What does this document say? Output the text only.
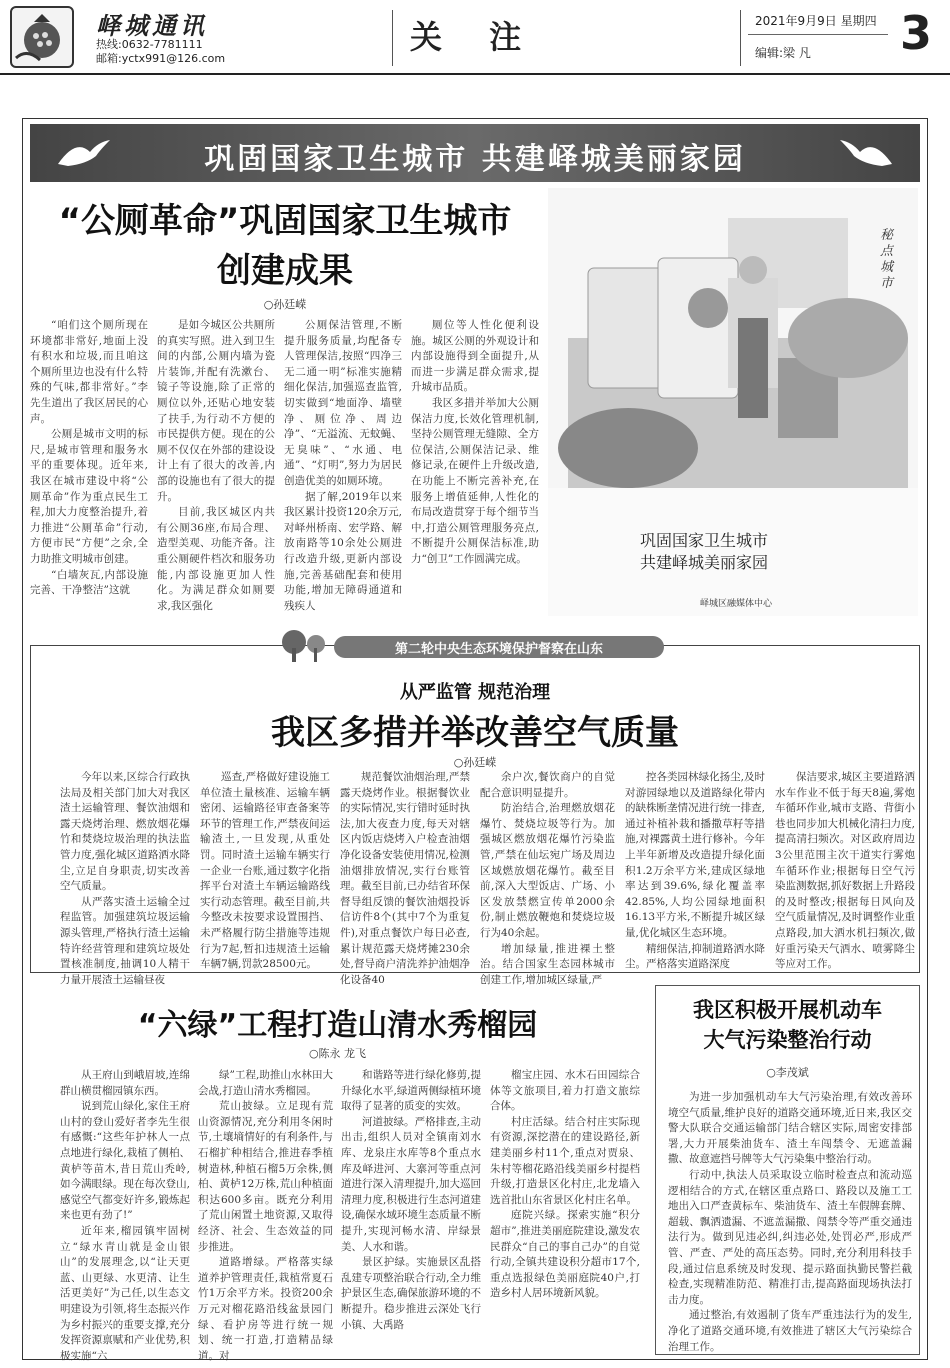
峄城通讯
热线:0632-7781111
邮箱:yctx991@126.com
关 注	2021年9月9日 星期四
编辑:梁 凡 3
巩固国家卫生城市 共建峄城美丽家园
“公厕革命”巩固国家卫生城市
创建成果
○孙廷嵘

“咱们这个厕所现在环境都非常好,地面上没有积水和垃圾,而且咱这个厕所里边也没有什么特殊的气味,都非常好。”李先生道出了我区居民的心声。

公厕是城市文明的标尺,是城市管理和服务水平的重要体现。近年来,我区在城市建设中将“公厕革命”作为重点民生工程,加大力度整治提升,着力推进“公厕革命”行动,方便市民“方便”之余,全力助推文明城市创建。

“白墙灰瓦,内部设施完善、干净整洁”这就

是如今城区公共厕所的真实写照。进入到卫生间的内部,公厕内墙为瓷片装饰,并配有洗漱台、镜子等设施,除了正常的厕位以外,还贴心地安装了扶手,为行动不方便的市民提供方便。现在的公厕不仅仅在外部的建设设计上有了很大的改善,内部的设施也有了很大的提升。

目前,我区城区内共有公厕36座,布局合理、造型美观、功能齐备。注重公厕硬件档次和服务功能,内部设施更加人性化。为满足群众如厕要求,我区强化

公厕保洁管理,不断提升服务质量,均配备专人管理保洁,按照“四净三无二通一明”标准实施精细化保洁,加强巡查监管,切实做到“地面净、墙壁净、厕位净、周边净”、“无溢流、无蚊蝇、无臭味”、“水通、电通”、“灯明”,努力为居民创造优美的如厕环境。

据了解,2019年以来我区累计投资120余万元,对峄州桥南、宏学路、解放南路等10余处公厕进行改造升级,更新内部设施,完善基础配套和使用功能,增加无障碍通道和残疾人

厕位等人性化便利设施。城区公厕的外观设计和内部设施得到全面提升,从而进一步满足群众需求,提升城市品质。

我区多措并举加大公厕保洁力度,长效化管理机制,坚持公厕管理无缝隙、全方位保洁,公厕保洁记录、维修记录,在硬件上升级改造,在功能上不断完善补充,在服务上增值延伸,人性化的布局改造贯穿于每个细节当中,打造公厕管理服务亮点,不断提升公厕保洁标准,助力“创卫”工作圆满完成。

秘点城市
巩固国家卫生城市
共建峄城美丽家园
峄城区融媒体中心
第二轮中央生态环境保护督察在山东
从严监管 规范治理
我区多措并举改善空气质量
○孙廷嵘

今年以来,区综合行政执法局及相关部门加大对我区渣土运输管理、餐饮油烟和露天烧烤治理、燃放烟花爆竹和焚烧垃圾治理的执法监管力度,强化城区道路洒水降尘,立足自身职责,切实改善空气质量。

从严落实渣土运输全过程监管。加强建筑垃圾运输源头管理,严格执行渣土运输特许经营管理和建筑垃圾处置核准制度,抽调10人精干力量开展渣土运输昼夜

巡查,严格做好建设施工单位渣土量核准、运输车辆密闭、运输路径审查备案等环节的管理工作,严禁夜间运输渣土,一旦发现,从重处罚。同时渣土运输车辆实行一企业一台账,通过数字化指挥平台对渣土车辆运输路线实行动态管理。截至目前,共今整改未按要求设置围挡、未严格履行防尘措施等违规行为7起,暂扣违规渣土运输车辆7辆,罚款28500元。

规范餐饮油烟治理,严禁露天烧烤作业。根据餐饮业的实际情况,实行错时延时执法,加大夜查力度,每天对辖区内饭店烧烤入户检查油烟净化设备安装使用情况,检测油烟排放情况,实行台账管理。截至目前,已办结省环保督导组反馈的餐饮油烟投诉信访件8个(其中7个为重复件),对重点餐饮户每日必查,累计规范露天烧烤摊230余处,督导商户清洗养护油烟净化设备40

余户次,餐饮商户的自觉配合意识明显提升。

防治结合,治理燃放烟花爆竹、焚烧垃圾等行为。加强城区燃放烟花爆竹污染监管,严禁在仙坛宛广场及周边区域燃放烟花爆竹。截至目前,深入大型饭店、广场、小区发放禁燃宣传单2000余份,制止燃放鞭炮和焚烧垃圾行为40余起。

增加绿量,推进裸土整治。结合国家生态园林城市创建工作,增加城区绿量,严

控各类园林绿化扬尘,及时对游园绿地以及道路绿化带内的缺株断垄情况进行统一排查,通过补植补栽和播撒草籽等措施,对裸露黄土进行修补。今年上半年新增及改造提升绿化面积1.2万余平方米,建成区绿地率达到39.6%,绿化覆盖率42.85%,人均公园绿地面积16.13平方米,不断提升城区绿量,优化城区生态环境。

精细保洁,抑制道路洒水降尘。严格落实道路深度

保洁要求,城区主要道路洒水车作业不低于每天8遍,雾炮车循环作业,城市支路、背街小巷也同步加大机械化清扫力度,提高清扫频次。对区政府周边3公里范围主次干道实行雾炮车循环作业;根据每日空气污染监测数据,抓好数据上升路段的及时整改;根据每日风向及空气质量情况,及时调整作业重点路段,加大洒水机扫频次,做好重污染天气洒水、喷雾降尘等应对工作。

“六绿”工程打造山清水秀榴园
○陈永 龙飞

从王府山到峨眉坡,连绵群山横贯榴园镇东西。

说到荒山绿化,家住王府山村的登山爱好者李先生很有感慨:“这些年护林人一点点地进行绿化,栽植了侧柏、黄栌等苗木,昔日荒山秃岭,如今满眼绿。现在每次登山,感觉空气都变好许多,锻炼起来也更有劲了!”

近年来,榴园镇牢固树立“绿水青山就是金山银山”的发展理念,以“让天更蓝、山更绿、水更清、让生活更美好”为己任,以生态文明建设为引领,将生态振兴作为乡村振兴的重要支撑,充分发挥资源禀赋和产业优势,积极实施“六

绿”工程,助推山水林田大会战,打造山清水秀榴园。

荒山披绿。立足现有荒山资源情况,充分利用冬闲时节,土壤墒情好的有利条件,与石榴扩种相结合,推进春季植树造林,种植石榴5万余株,侧柏、黄栌12万株,荒山种植面积达600多亩。既充分利用了荒山闲置土地资源,又取得经济、社会、生态效益的同步推进。

道路增绿。严格落实绿道养护管理责任,栽植常夏石竹1万余平方米。投资200余万元对榴花路沿线盆景园门绿、看护房等进行统一规划、统一打造,打造精品绿道。对

和谐路等进行绿化修剪,提升绿化水平,绿道两侧绿植环境取得了显著的质变的实效。

河道披绿。严格排查,主动出击,组织人员对全镇南刘水库、龙泉庄水库等8个重点水库及峄进河、大寨河等重点河道进行深入清理提升,加大巡回清理力度,积极进行生态河道建设,确保水域环境生态质量不断提升,实现河畅水清、岸绿景美、人水和谐。

景区护绿。实施景区乱搭乱建专项整治联合行动,全力维护景区生态,确保旅游环境的不断提升。稳步推进云深处飞行小镇、大禹路

榴宝庄园、水木石田园综合体等文旅项目,着力打造文旅综合体。

村庄活绿。结合村庄实际现有资源,深挖潜在的建设路径,新建美丽乡村11个,重点对贾泉、朱村等榴花路沿线美丽乡村提档升级,打造景区化村庄,北龙墙入选首批山东省景区化村庄名单。

庭院兴绿。探索实施“积分超市”,推进美丽庭院建设,激发农民群众“自己的事自己办”的自觉行动,全镇共建设积分超市17个,重点选报绿色美丽庭院40户,打造乡村人居环境新风貌。

我区积极开展机动车
大气污染整治行动
○李茂斌

为进一步加强机动车大气污染治理,有效改善环境空气质量,维护良好的道路交通环境,近日来,我区交警大队联合交通运输部门结合辖区实际,周密安排部署,大力开展柴油货车、渣土车闯禁令、无遮盖漏撒、故意遮挡号牌等大气污染集中整治行动。

行动中,执法人员采取设立临时检查点和流动巡逻相结合的方式,在辖区重点路口、路段以及施工工地出入口严查黄标车、柴油货车、渣土车假牌套牌、超载、飘洒遗漏、不遮盖漏撒、闯禁令等严重交通违法行为。做到见违必纠,纠违必处,处罚必严,形成严管、严查、严处的高压态势。同时,充分利用科技手段,通过信息系统及时发现、提示路面执勤民警拦截检查,实现精准防范、精准打击,提高路面现场执法打击力度。

通过整治,有效遏制了货车严重违法行为的发生,净化了道路交通环境,有效推进了辖区大气污染综合治理工作。
